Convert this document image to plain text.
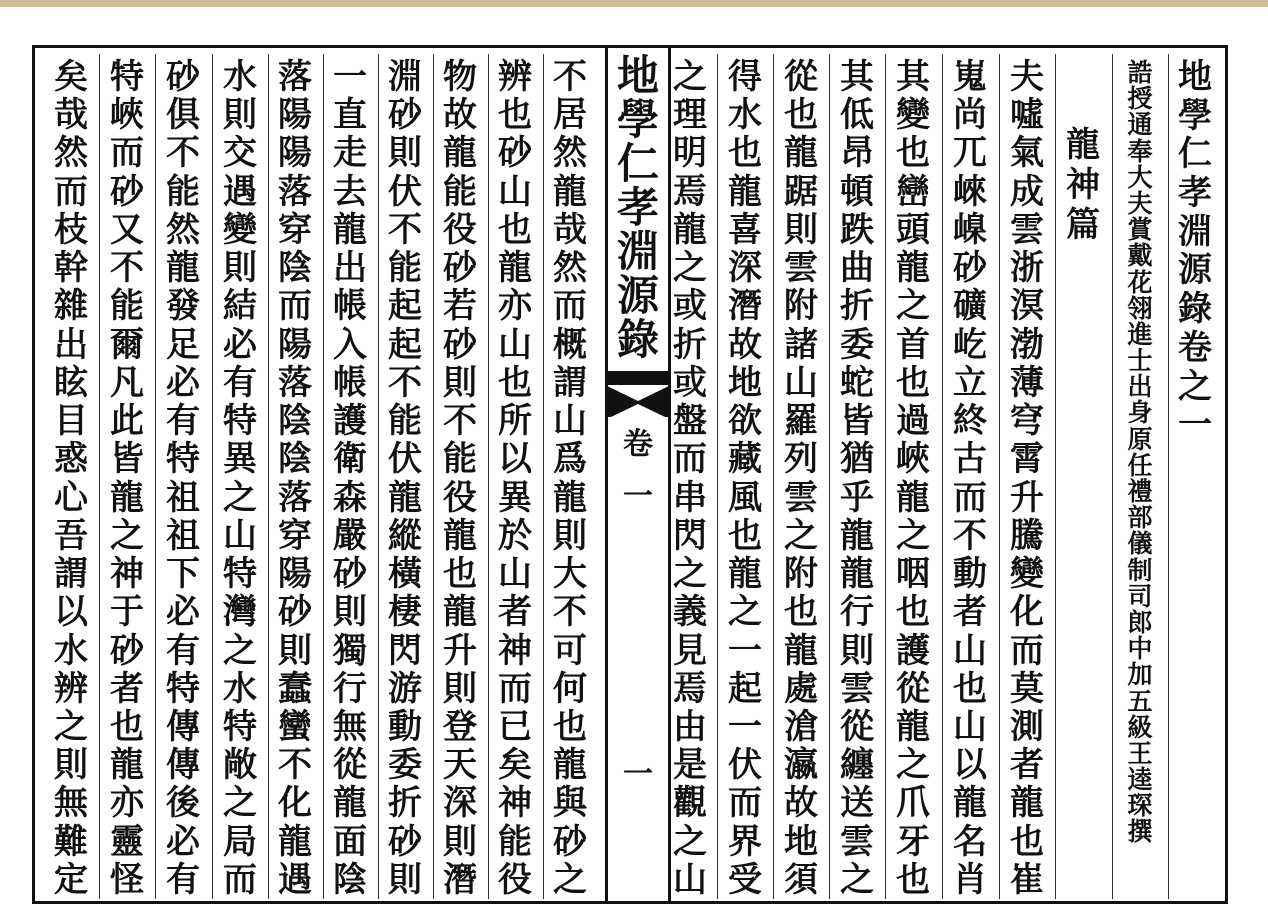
地
學
仁
孝
淵
源
錄
卷
一
一
不
居
然
龍
哉
然
而
概
謂
山
爲
龍
則
大
不
可
何
也
龍
與
砂
之
辨
也
砂
山
也
龍
亦
山
也
所
以
異
於
山
者
神
而
已
矣
神
能
役
物
故
龍
能
役
砂
若
砂
則
不
能
役
龍
也
龍
升
則
登
天
深
則
潛
淵
砂
則
伏
不
能
起
起
不
能
伏
龍
縱
橫
棲
閃
游
動
委
折
砂
則
一
直
走
去
龍
出
帳
入
帳
護
衛
森
嚴
砂
則
獨
行
無
從
龍
面
陰
落
陽
陽
落
穿
陰
而
陽
落
陰
陰
落
穿
陽
砂
則
蠢
蠻
不
化
龍
遇
水
則
交
遇
變
則
結
必
有
特
異
之
山
特
灣
之
水
特
敞
之
局
而
砂
俱
不
能
然
龍
發
足
必
有
特
祖
祖
下
必
有
特
傳
傳
後
必
有
特
峽
而
砂
又
不
能
爾
凡
此
皆
龍
之
神
于
砂
者
也
龍
亦
靈
怪
矣
哉
然
而
枝
幹
雜
出
眩
目
惑
心
吾
謂
以
水
辨
之
則
無
難
定
地
學
仁
孝
淵
源
錄
卷
之
一
誥
授
通
奉
大
夫
賞
戴
花
翎
進
士
出
身
原
任
禮
部
儀
制
司
郎
中
加
五
級
王
逵
琛
撰
龍
神
篇
夫
噓
氣
成
雲
浙
溟
渤
薄
穹
霄
升
騰
變
化
而
莫
測
者
龍
也
崔
嵬
尚
兀
崍
嵲
砂
礦
屹
立
終
古
而
不
動
者
山
也
山
以
龍
名
肖
其
變
也
巒
頭
龍
之
首
也
過
峽
龍
之
咽
也
護
從
龍
之
爪
牙
也
其
低
昂
頓
跌
曲
折
委
蛇
皆
猶
乎
龍
龍
行
則
雲
從
纏
送
雲
之
從
也
龍
踞
則
雲
附
諸
山
羅
列
雲
之
附
也
龍
處
滄
瀛
故
地
須
得
水
也
龍
喜
深
潛
故
地
欲
藏
風
也
龍
之
一
起
一
伏
而
界
受
之
理
明
焉
龍
之
或
折
或
盤
而
串
閃
之
義
見
焉
由
是
觀
之
山
